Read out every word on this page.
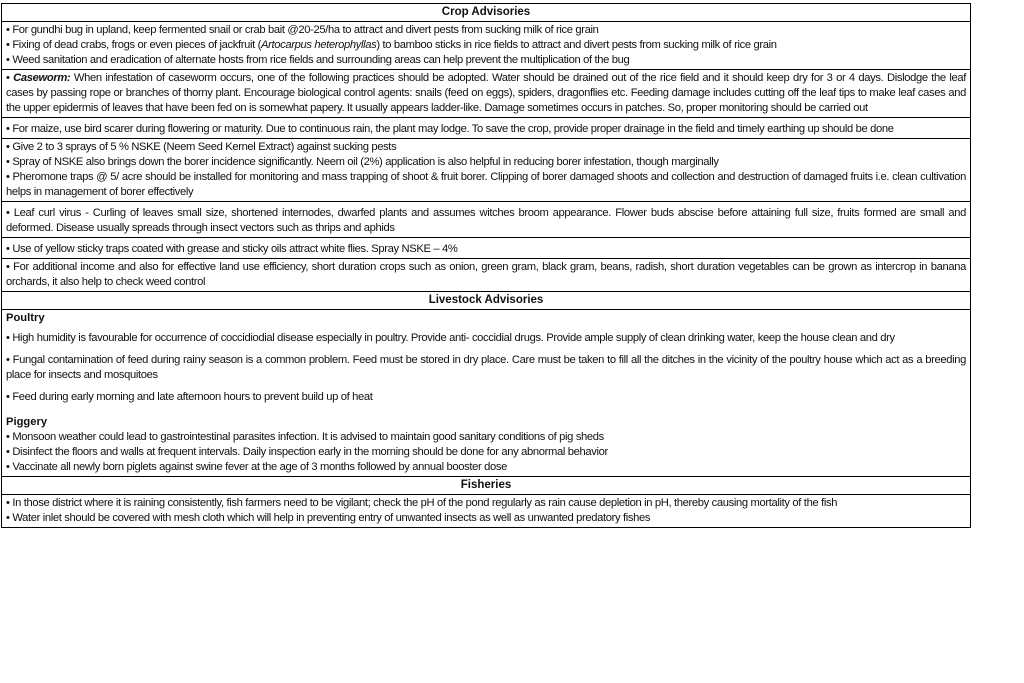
Crop Advisories

• For gundhi bug in upland, keep fermented snail or crab bait @20-25/ha to attract and divert pests from sucking milk of rice grain
• Fixing of dead crabs, frogs or even pieces of jackfruit (Artocarpus heterophyllas) to bamboo sticks in rice fields to attract and divert pests from sucking milk of rice grain
• Weed sanitation and eradication of alternate hosts from rice fields and surrounding areas can help prevent the multiplication of the bug

• Caseworm: When infestation of caseworm occurs, one of the following practices should be adopted. Water should be drained out of the rice field and it should keep dry for 3 or 4 days. Dislodge the leaf cases by passing rope or branches of thorny plant. Encourage biological control agents: snails (feed on eggs), spiders, dragonflies etc. Feeding damage includes cutting off the leaf tips to make leaf cases and the upper epidermis of leaves that have been fed on is somewhat papery. It usually appears ladder-like. Damage sometimes occurs in patches. So, proper monitoring should be carried out

• For maize, use bird scarer during flowering or maturity. Due to continuous rain, the plant may lodge. To save the crop, provide proper drainage in the field and timely earthing up should be done

• Give 2 to 3 sprays of 5 % NSKE (Neem Seed Kernel Extract) against sucking pests
• Spray of NSKE also brings down the borer incidence significantly. Neem oil (2%) application is also helpful in reducing borer infestation, though marginally
• Pheromone traps @ 5/ acre should be installed for monitoring and mass trapping of shoot & fruit borer. Clipping of borer damaged shoots and collection and destruction of damaged fruits i.e. clean cultivation helps in management of borer effectively

• Leaf curl virus - Curling of leaves small size, shortened internodes, dwarfed plants and assumes witches broom appearance. Flower buds abscise before attaining full size, fruits formed are small and deformed. Disease usually spreads through insect vectors such as thrips and aphids

• Use of yellow sticky traps coated with grease and sticky oils attract white flies. Spray NSKE – 4%

• For additional income and also for effective land use efficiency, short duration crops such as onion, green gram, black gram, beans, radish, short duration vegetables can be grown as intercrop in banana orchards, it also help to check weed control

Livestock Advisories

Poultry
• High humidity is favourable for occurrence of coccidiodial disease especially in poultry. Provide anti- coccidial drugs. Provide ample supply of clean drinking water, keep the house clean and dry
• Fungal contamination of feed during rainy season is a common problem. Feed must be stored in dry place. Care must be taken to fill all the ditches in the vicinity of the poultry house which act as a breeding place for insects and mosquitoes
• Feed during early morning and late afternoon hours to prevent build up of heat
Piggery
• Monsoon weather could lead to gastrointestinal parasites infection. It is advised to maintain good sanitary conditions of pig sheds
• Disinfect the floors and walls at frequent intervals. Daily inspection early in the morning should be done for any abnormal behavior
• Vaccinate all newly born piglets against swine fever at the age of 3 months followed by annual booster dose

Fisheries

• In those district where it is raining consistently, fish farmers need to be vigilant; check the pH of the pond regularly as rain cause depletion in pH, thereby causing mortality of the fish
• Water inlet should be covered with mesh cloth which will help in preventing entry of unwanted insects as well as unwanted predatory fishes
